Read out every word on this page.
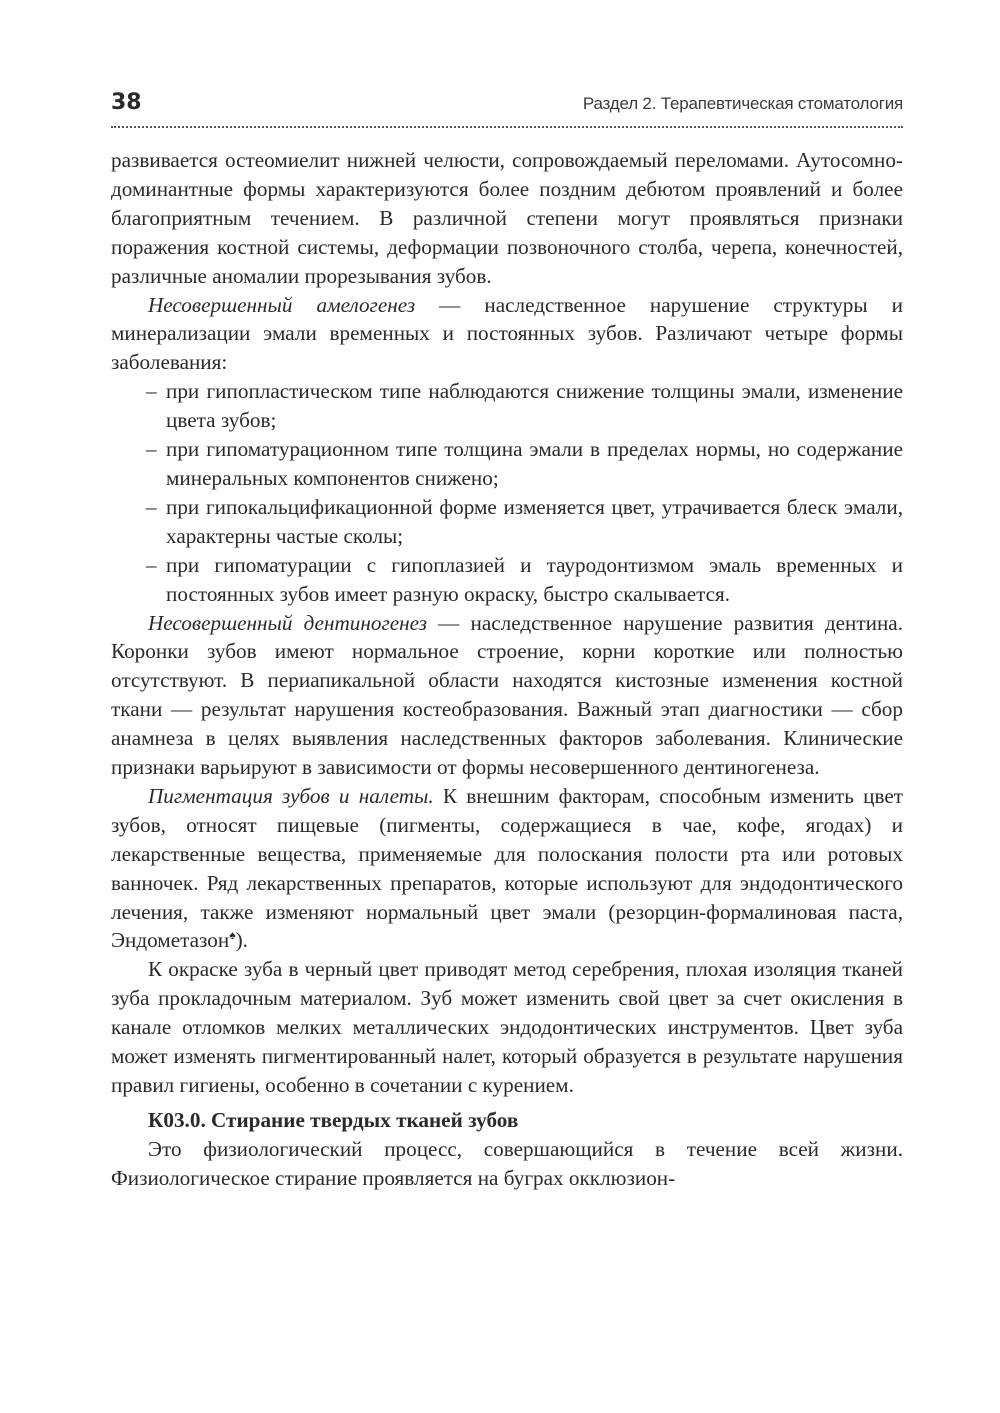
38	Раздел 2. Терапевтическая стоматология

развивается остеомиелит нижней челюсти, сопровождаемый переломами. Аутосомно-доминантные формы характеризуются более поздним дебютом проявлений и более благоприятным течением. В различной степени могут проявляться признаки поражения костной системы, деформации позвоночного столба, черепа, конечностей, различные аномалии прорезывания зубов.

Несовершенный амелогенез — наследственное нарушение структуры и минерализации эмали временных и постоянных зубов. Различают четыре формы заболевания:

– при гипопластическом типе наблюдаются снижение толщины эмали, изменение цвета зубов;
– при гипоматурационном типе толщина эмали в пределах нормы, но содержание минеральных компонентов снижено;
– при гипокальцификационной форме изменяется цвет, утрачивается блеск эмали, характерны частые сколы;
– при гипоматурации с гипоплазией и тауродонтизмом эмаль временных и постоянных зубов имеет разную окраску, быстро скалывается.

Несовершенный дентиногенез — наследственное нарушение развития дентина. Коронки зубов имеют нормальное строение, корни короткие или полностью отсутствуют. В периапикальной области находятся кистозные изменения костной ткани — результат нарушения костеобразования. Важный этап диагностики — сбор анамнеза в целях выявления наследственных факторов заболевания. Клинические признаки варьируют в зависимости от формы несовершенного дентиногенеза.

Пигментация зубов и налеты. К внешним факторам, способным изменить цвет зубов, относят пищевые (пигменты, содержащиеся в чае, кофе, ягодах) и лекарственные вещества, применяемые для полоскания полости рта или ротовых ванночек. Ряд лекарственных препаратов, которые используют для эндодонтического лечения, также изменяют нормальный цвет эмали (резорцин-формалиновая паста, Эндометазон♠).

К окраске зуба в черный цвет приводят метод серебрения, плохая изоляция тканей зуба прокладочным материалом. Зуб может изменить свой цвет за счет окисления в канале отломков мелких металлических эндодонтических инструментов. Цвет зуба может изменять пигментированный налет, который образуется в результате нарушения правил гигиены, особенно в сочетании с курением.

К03.0. Стирание твердых тканей зубов

Это физиологический процесс, совершающийся в течение всей жизни. Физиологическое стирание проявляется на буграх окклюзион-
